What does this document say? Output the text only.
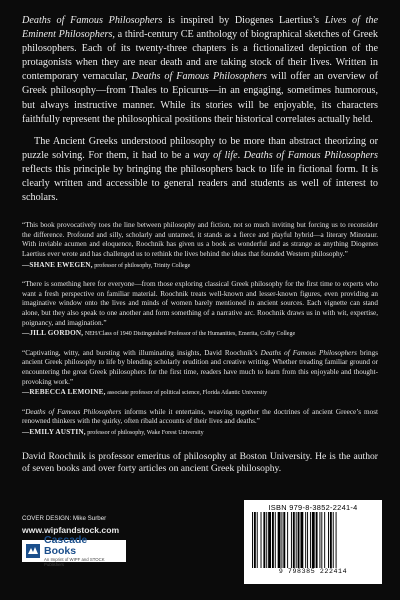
Deaths of Famous Philosophers is inspired by Diogenes Laertius’s Lives of the Eminent Philosophers, a third-century CE anthology of biographical sketches of Greek philosophers. Each of its twenty-three chapters is a fictionalized depiction of the protagonists when they are near death and are taking stock of their lives. Written in contemporary vernacular, Deaths of Famous Philosophers will offer an overview of Greek philosophy—from Thales to Epicurus—in an engaging, sometimes humorous, but always instructive manner. While its stories will be enjoyable, its characters faithfully represent the philosophical positions their historical correlates actually held.

The Ancient Greeks understood philosophy to be more than abstract theorizing or puzzle solving. For them, it had to be a way of life. Deaths of Famous Philosophers reflects this principle by bringing the philosophers back to life in fictional form. It is clearly written and accessible to general readers and students as well of interest to scholars.

“This book provocatively toes the line between philosophy and fiction, not so much inviting but forcing us to reconsider the difference. Profound and silly, scholarly and untamed, it stands as a fierce and playful hybrid—a literary Minotaur. With inviable acumen and eloquence, Roochnik has given us a book as wonderful and as strange as anything Diogenes Laertius ever wrote and has challenged us to rethink the lives behind the ideas that founded Western philosophy.”

—SHANE EWEGEN, professor of philosophy, Trinity College

“There is something here for everyone—from those exploring classical Greek philosophy for the first time to experts who want a fresh perspective on familiar material. Roochnik treats well-known and lesser-known figures, even providing an imaginative window onto the lives and minds of women barely mentioned in ancient sources. Each vignette can stand alone, but they also speak to one another and form something of a narrative arc. Roochnik draws us in with wit, expertise, poignancy, and imagination.”

—JILL GORDON, NEH/Class of 1940 Distinguished Professor of the Humanities, Emerita, Colby College

“Captivating, witty, and bursting with illuminating insights, David Roochnik’s Deaths of Famous Philosophers brings ancient Greek philosophy to life by blending scholarly erudition and creative writing. Whether treading familiar ground or encountering the great Greek philosophers for the first time, readers have much to learn from this enjoyable and thought-provoking work.”

—REBECCA LEMOINE, associate professor of political science, Florida Atlantic University

“Deaths of Famous Philosophers informs while it entertains, weaving together the doctrines of ancient Greece’s most renowned thinkers with the quirky, often ribald accounts of their lives and deaths.”

—EMILY AUSTIN, professor of philosophy, Wake Forest University

David Roochnik is professor emeritus of philosophy at Boston University. He is the author of seven books and over forty articles on ancient Greek philosophy.

COVER DESIGN: Mike Surber
www.wipfandstock.com
Cascade Books
An Imprint of WIPF and STOCK Publishers
ISBN 979-8-3852-2241-4
9 798385 222414
